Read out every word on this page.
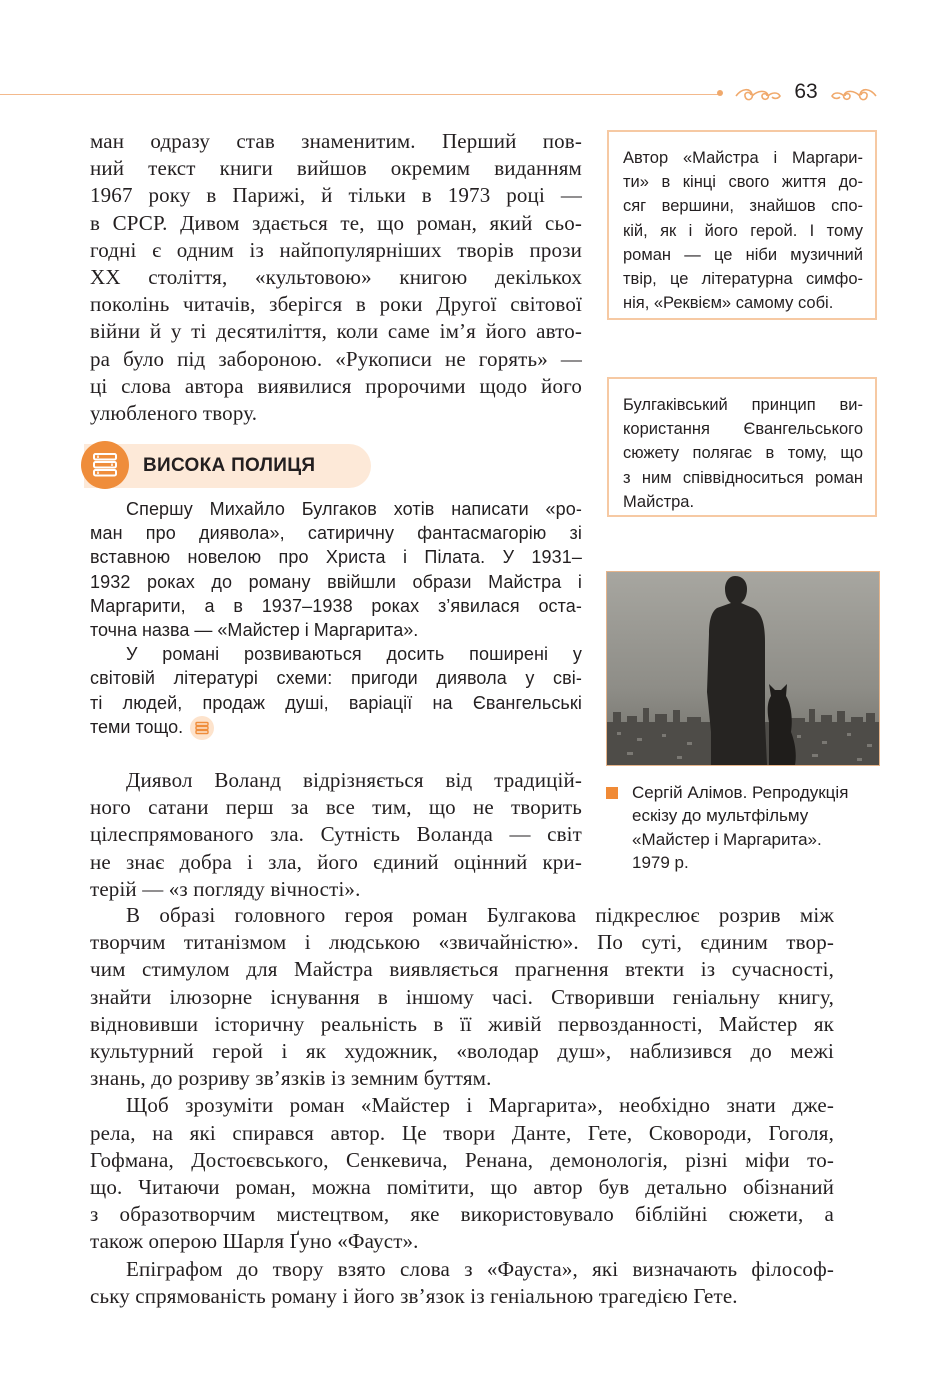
63

ман одразу став знаменитим. Перший пов-
ний текст книги вийшов окремим виданням
1967 року в Парижі, й тільки в 1973 році —
в СРСР. Дивом здається те, що роман, який сьо-
годні є одним із найпопулярніших творів прози
XX століття, «культовою» книгою декількох
поколінь читачів, зберігся в роки Другої світової
війни й у ті десятиліття, коли саме ім’я його авто-
ра було під забороною. «Рукописи не горять» —
ці слова автора виявилися пророчими щодо його
улюбленого твору.

ВИСОКА ПОЛИЦЯ

Спершу Михайло Булгаков хотів написати «ро-
ман про диявола», сатиричну фантасмагорію зі
вставною новелою про Христа і Пілата. У 1931–
1932 роках до роману ввійшли образи Майстра і
Маргарити, а в 1937–1938 роках з’явилася оста-
точна назва — «Майстер і Маргарита».

У романі розвиваються досить поширені у
світовій літературі схеми: пригоди диявола у сві-
ті людей, продаж душі, варіації на Євангельські
теми тощо.

Диявол Воланд відрізняється від традицій-
ного сатани перш за все тим, що не творить
цілеспрямованого зла. Сутність Воланда — світ
не знає добра і зла, його єдиний оцінний кри-
терій — «з погляду вічності».

В образі головного героя роман Булгакова підкреслює розрив між
творчим титанізмом і людською «звичайністю». По суті, єдиним твор-
чим стимулом для Майстра виявляється прагнення втекти із сучасності,
знайти ілюзорне існування в іншому часі. Створивши геніальну книгу,
відновивши історичну реальність в її живій первозданності, Майстер як
культурний герой і як художник, «володар душ», наблизився до межі
знань, до розриву зв’язків із земним буттям.

Щоб зрозуміти роман «Майстер і Маргарита», необхідно знати дже-
рела, на які спирався автор. Це твори Данте, Гете, Сковороди, Гоголя,
Гофмана, Достоєвського, Сенкевича, Ренана, демонологія, різні міфи то-
що. Читаючи роман, можна помітити, що автор був детально обізнаний
з образотворчим мистецтвом, яке використовувало біблійні сюжети, а
також оперою Шарля Ґуно «Фауст».

Епіграфом до твору взято слова з «Фауста», які визначають філософ-
ську спрямованість роману і його зв’язок із геніальною трагедією Гете.

Автор «Майстра і Маргари-
ти» в кінці свого життя до-
сяг вершини, знайшов спо-
кій, як і його герой. І тому
роман — це ніби музичний
твір, це літературна симфо-
нія, «Реквієм» самому собі.
Булгаківський принцип ви-
користання Євангельського
сюжету полягає в тому, що
з ним співвідноситься роман
Майстра.
Сергій Алімов. Репродукція
ескізу до мультфільму
«Майстер і Маргарита».
1979 р.
